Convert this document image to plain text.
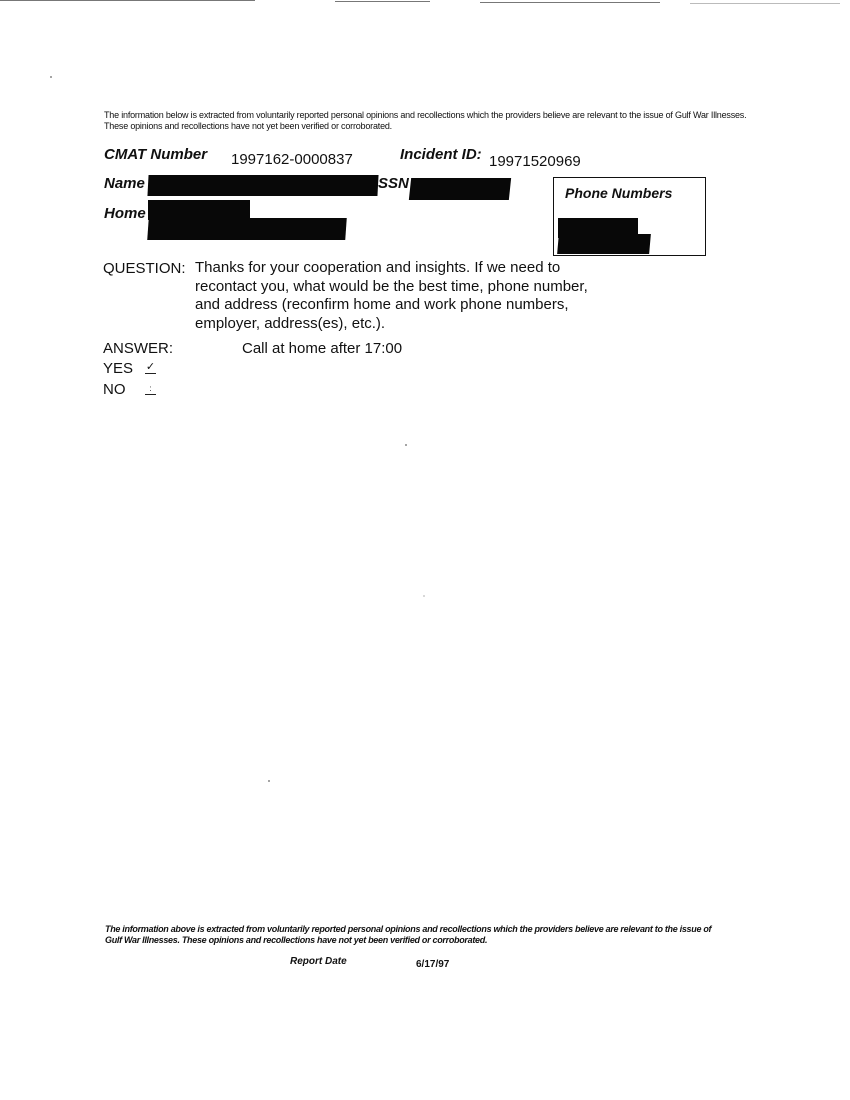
The information below is extracted from voluntarily reported personal opinions and recollections which the providers believe are relevant to the issue of Gulf War Illnesses. These opinions and recollections have not yet been verified or corroborated.
CMAT Number 1997162-0000837	Incident ID: 19971520969
Name	SSN
Home
Phone Numbers
QUESTION: Thanks for your cooperation and insights. If we need to recontact you, what would be the best time, phone number, and address (reconfirm home and work phone numbers, employer, address(es), etc.).
ANSWER:	Call at home after 17:00
YES ✓
NO	:
The information above is extracted from voluntarily reported personal opinions and recollections which the providers believe are relevant to the issue of Gulf War Illnesses. These opinions and recollections have not yet been verified or corroborated.
Report Date	6/17/97
